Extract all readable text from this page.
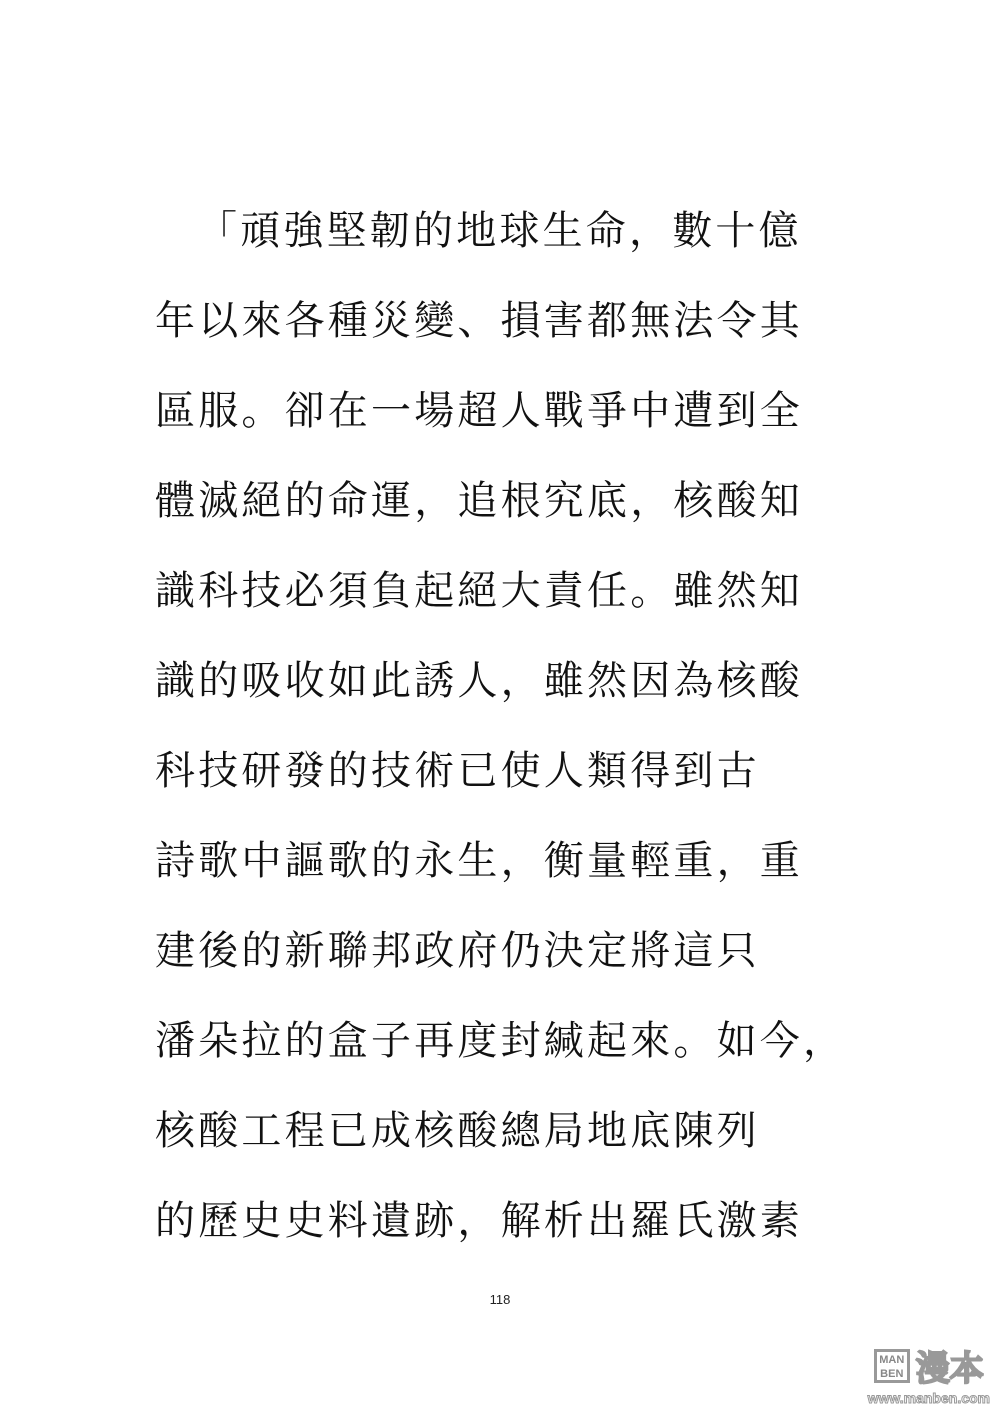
「頑強堅韌的地球生命，數十億
年以來各種災變、損害都無法令其
區服。卻在一場超人戰爭中遭到全
體滅絕的命運，追根究底，核酸知
識科技必須負起絕大責任。雖然知
識的吸收如此誘人，雖然因為核酸
科技研發的技術已使人類得到古
詩歌中謳歌的永生，衡量輕重，重
建後的新聯邦政府仍決定將這只
潘朵拉的盒子再度封緘起來。如今，
核酸工程已成核酸總局地底陳列
的歷史史料遺跡，解析出羅氏激素
118
MAN
BEN 漫本
www.manben.com
